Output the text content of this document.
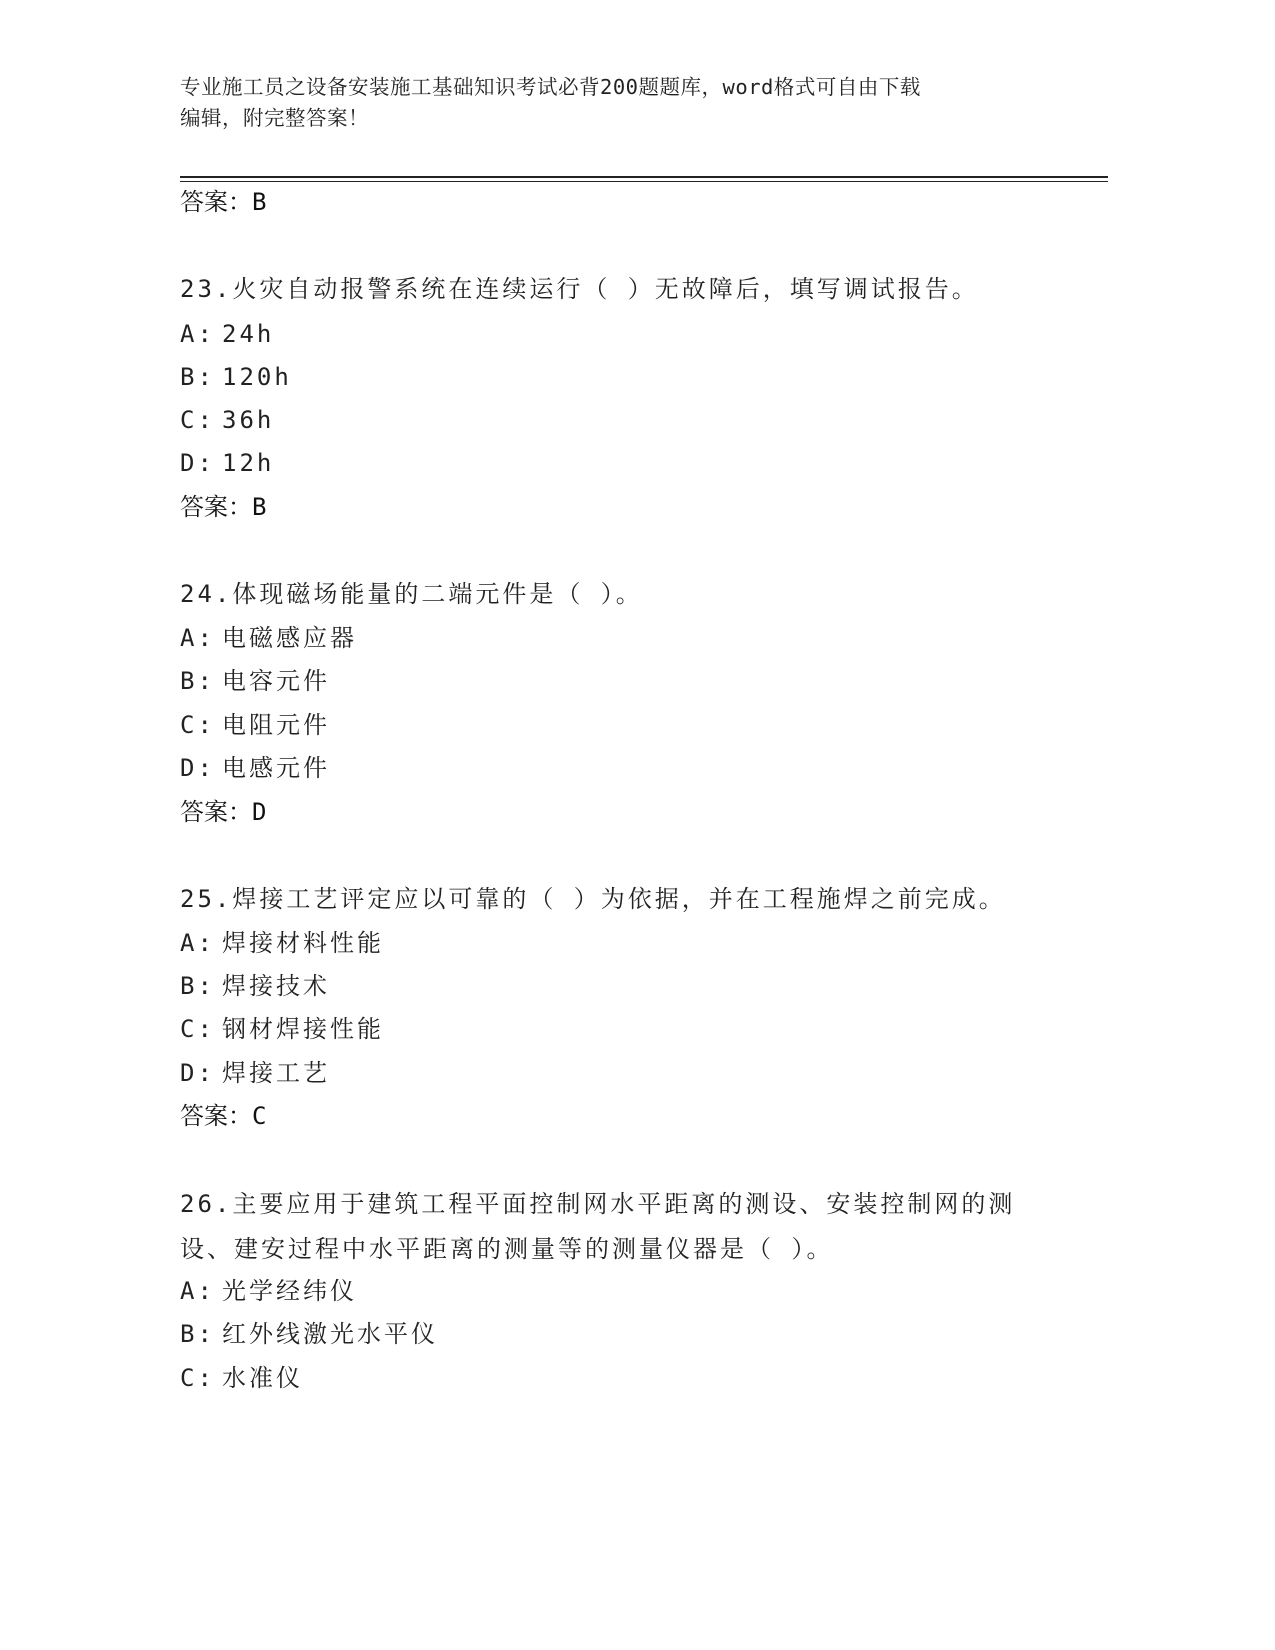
专业施工员之设备安装施工基础知识考试必背200题题库，word格式可自由下载
编辑，附完整答案！
答案：B
23.火灾自动报警系统在连续运行（ ）无故障后，填写调试报告。
A: 24h
B: 120h
C: 36h
D: 12h
答案：B
24.体现磁场能量的二端元件是（ ）。
A: 电磁感应器
B: 电容元件
C: 电阻元件
D: 电感元件
答案：D
25.焊接工艺评定应以可靠的（ ）为依据，并在工程施焊之前完成。
A: 焊接材料性能
B: 焊接技术
C: 钢材焊接性能
D: 焊接工艺
答案：C
26.主要应用于建筑工程平面控制网水平距离的测设、安装控制网的测设、建安过程中水平距离的测量等的测量仪器是（ ）。
A: 光学经纬仪
B: 红外线激光水平仪
C: 水准仪
